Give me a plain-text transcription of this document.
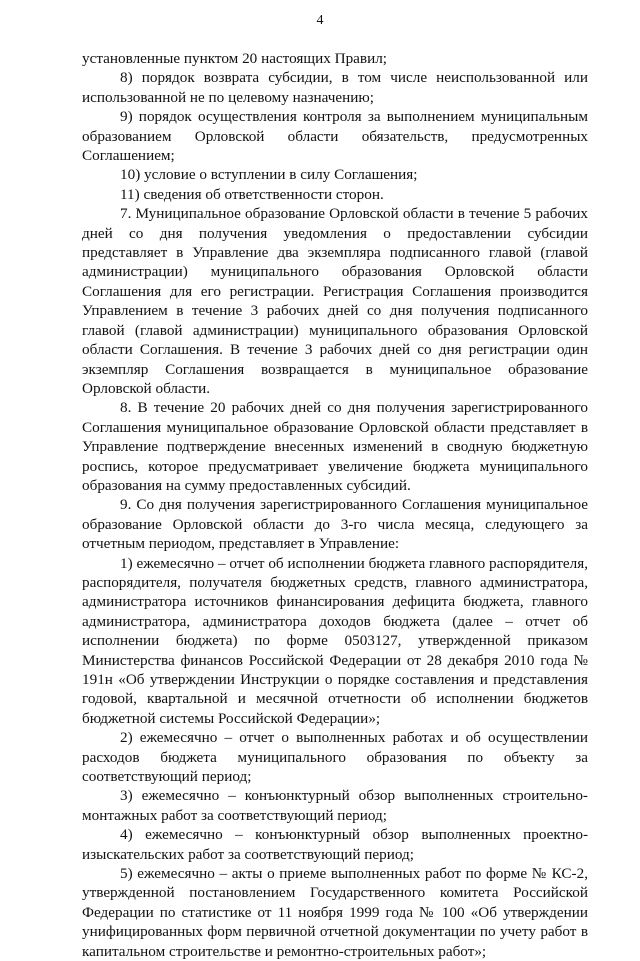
4

установленные пунктом 20 настоящих Правил;

8) порядок возврата субсидии, в том числе неиспользованной или использованной не по целевому назначению;

9) порядок осуществления контроля за выполнением муниципальным образованием Орловской области обязательств, предусмотренных Соглашением;

10) условие о вступлении в силу Соглашения;

11) сведения об ответственности сторон.

7. Муниципальное образование Орловской области в течение 5 рабочих дней со дня получения уведомления о предоставлении субсидии представляет в Управление два экземпляра подписанного главой (главой администрации) муниципального образования Орловской области Соглашения для его регистрации. Регистрация Соглашения производится Управлением в течение 3 рабочих дней со дня получения подписанного главой (главой администрации) муниципального образования Орловской области Соглашения. В течение 3 рабочих дней со дня регистрации один экземпляр Соглашения возвращается в муниципальное образование Орловской области.

8. В течение 20 рабочих дней со дня получения зарегистрированного Соглашения муниципальное образование Орловской области представляет в Управление подтверждение внесенных изменений в сводную бюджетную роспись, которое предусматривает увеличение бюджета муниципального образования на сумму предоставленных субсидий.

9. Со дня получения зарегистрированного Соглашения муниципальное образование Орловской области до 3-го числа месяца, следующего за отчетным периодом, представляет в Управление:

1) ежемесячно – отчет об исполнении бюджета главного распорядителя, распорядителя, получателя бюджетных средств, главного администратора, администратора источников финансирования дефицита бюджета, главного администратора, администратора доходов бюджета (далее – отчет об исполнении бюджета) по форме 0503127, утвержденной приказом Министерства финансов Российской Федерации от 28 декабря 2010 года № 191н «Об утверждении Инструкции о порядке составления и представления годовой, квартальной и месячной отчетности об исполнении бюджетов бюджетной системы Российской Федерации»;

2) ежемесячно – отчет о выполненных работах и об осуществлении расходов бюджета муниципального образования по объекту за соответствующий период;

3) ежемесячно – конъюнктурный обзор выполненных строительно-монтажных работ за соответствующий период;

4) ежемесячно – конъюнктурный обзор выполненных проектно-изыскательских работ за соответствующий период;

5) ежемесячно – акты о приеме выполненных работ по форме № КС-2, утвержденной постановлением Государственного комитета Российской Федерации по статистике от 11 ноября 1999 года № 100 «Об утверждении унифицированных форм первичной отчетной документации по учету работ в капитальном строительстве и ремонтно-строительных работ»;
